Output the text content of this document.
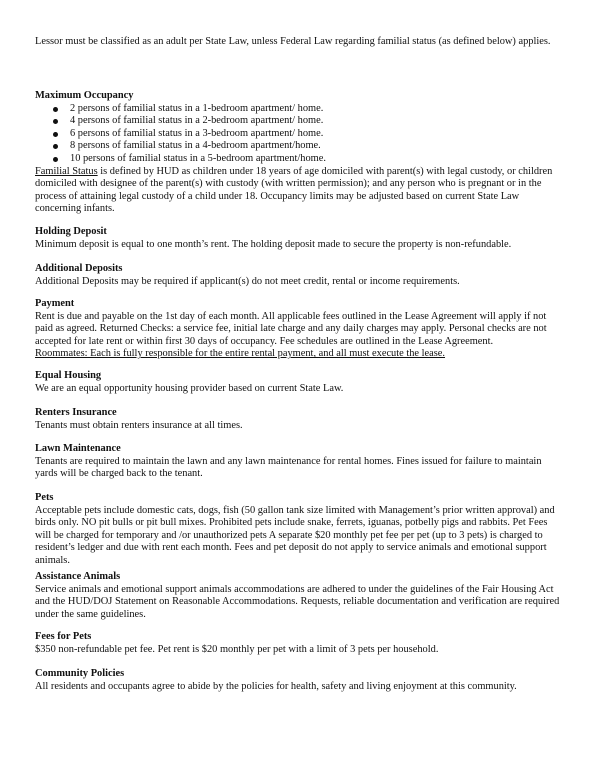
Lessor must be classified as an adult per State Law, unless Federal Law regarding familial status (as defined below) applies.

Maximum Occupancy

2 persons of familial status in a 1-bedroom apartment/ home.
4 persons of familial status in a 2-bedroom apartment/ home.
6 persons of familial status in a 3-bedroom apartment/ home.
8 persons of familial status in a 4-bedroom apartment/home.
10 persons of familial status in a 5-bedroom apartment/home.

Familial Status is defined by HUD as children under 18 years of age domiciled with parent(s) with legal custody, or children domiciled with designee of the parent(s) with custody (with written permission); and any person who is pregnant or in the process of attaining legal custody of a child under 18. Occupancy limits may be adjusted based on current State Law concerning infants.

Holding Deposit

Minimum deposit is equal to one month’s rent. The holding deposit made to secure the property is non-refundable.

Additional Deposits

Additional Deposits may be required if applicant(s) do not meet credit, rental or income requirements.

Payment

Rent is due and payable on the 1st day of each month. All applicable fees outlined in the Lease Agreement will apply if not paid as agreed. Returned Checks: a service fee, initial late charge and any daily charges may apply. Personal checks are not accepted for late rent or within first 30 days of occupancy. Fee schedules are outlined in the Lease Agreement.

Roommates: Each is fully responsible for the entire rental payment, and all must execute the lease.

Equal Housing

We are an equal opportunity housing provider based on current State Law.

Renters Insurance

Tenants must obtain renters insurance at all times.

Lawn Maintenance

Tenants are required to maintain the lawn and any lawn maintenance for rental homes. Fines issued for failure to maintain yards will be charged back to the tenant.

Pets

Acceptable pets include domestic cats, dogs, fish (50 gallon tank size limited with Management’s prior written approval) and birds only. NO pit bulls or pit bull mixes. Prohibited pets include snake, ferrets, iguanas, potbelly pigs and rabbits. Pet Fees will be charged for temporary and /or unauthorized pets A separate $20 monthly pet fee per pet (up to 3 pets) is charged to resident’s ledger and due with rent each month. Fees and pet deposit do not apply to service animals and emotional support animals.

Assistance Animals

Service animals and emotional support animals accommodations are adhered to under the guidelines of the Fair Housing Act and the HUD/DOJ Statement on Reasonable Accommodations. Requests, reliable documentation and verification are required under the same guidelines.

Fees for Pets

$350 non-refundable pet fee. Pet rent is $20 monthly per pet with a limit of 3 pets per household.

Community Policies

All residents and occupants agree to abide by the policies for health, safety and living enjoyment at this community.
